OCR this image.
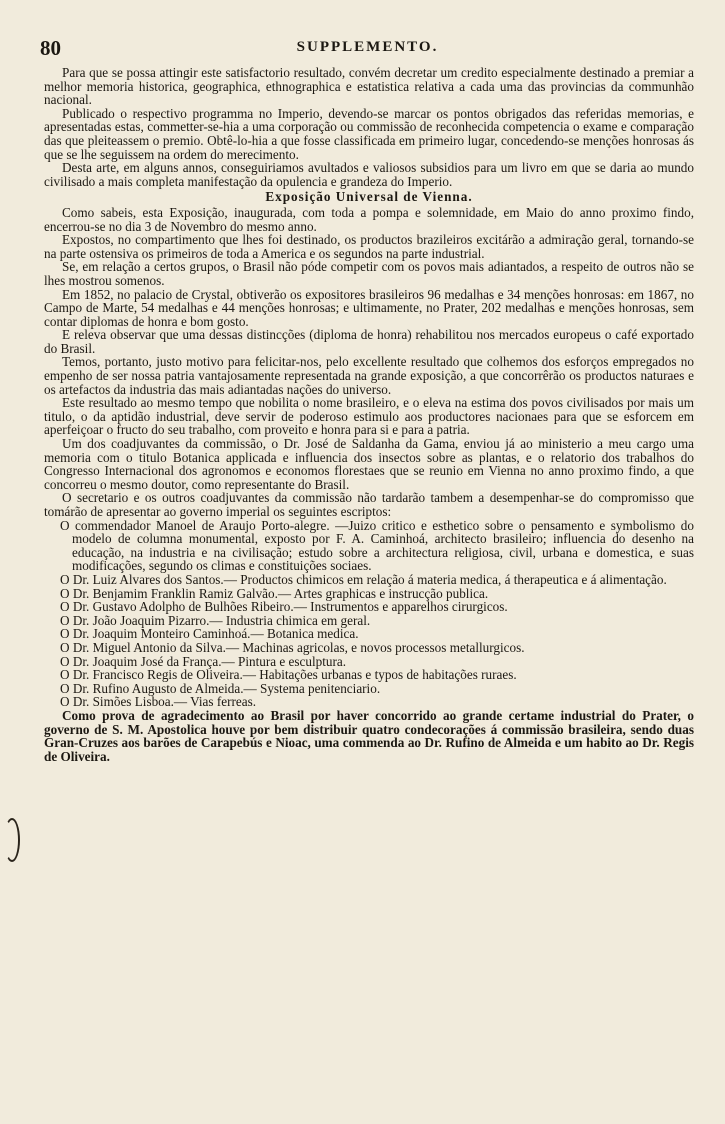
80	SUPPLEMENTO.

Para que se possa attingir este satisfactorio resultado, convém decretar um credito especialmente destinado a premiar a melhor memoria historica, geographica, ethnographica e estatistica relativa a cada uma das provincias da communhão nacional.

Publicado o respectivo programma no Imperio, devendo-se marcar os pontos obrigados das referidas memorias, e apresentadas estas, commetter-se-hia a uma corporação ou commissão de reconhecida competencia o exame e comparação das que pleiteassem o premio. Obtê-lo-hia a que fosse classificada em primeiro lugar, concedendo-se menções honrosas ás que se lhe seguissem na ordem do merecimento.

Desta arte, em alguns annos, conseguiriamos avultados e valiosos subsidios para um livro em que se daria ao mundo civilisado a mais completa manifestação da opulencia e grandeza do Imperio.

Exposição Universal de Vienna.

Como sabeis, esta Exposição, inaugurada, com toda a pompa e solemnidade, em Maio do anno proximo findo, encerrou-se no dia 3 de Novembro do mesmo anno.

Expostos, no compartimento que lhes foi destinado, os productos brazileiros excitárão a admiração geral, tornando-se na parte ostensiva os primeiros de toda a America e os segundos na parte industrial.

Se, em relação a certos grupos, o Brasil não póde competir com os povos mais adiantados, a respeito de outros não se lhes mostrou somenos.

Em 1852, no palacio de Crystal, obtiverão os expositores brasileiros 96 medalhas e 34 menções honrosas: em 1867, no Campo de Marte, 54 medalhas e 44 menções honrosas; e ultimamente, no Prater, 202 medalhas e menções honrosas, sem contar diplomas de honra e bom gosto.

E releva observar que uma dessas distincções (diploma de honra) rehabilitou nos mercados europeus o café exportado do Brasil.

Temos, portanto, justo motivo para felicitar-nos, pelo excellente resultado que colhemos dos esforços empregados no empenho de ser nossa patria vantajosamente representada na grande exposição, a que concorrêrão os productos naturaes e os artefactos da industria das mais adiantadas nações do universo.

Este resultado ao mesmo tempo que nobilita o nome brasileiro, e o eleva na estima dos povos civilisados por mais um titulo, o da aptidão industrial, deve servir de poderoso estimulo aos productores nacionaes para que se esforcem em aperfeiçoar o fructo do seu trabalho, com proveito e honra para si e para a patria.

Um dos coadjuvantes da commissão, o Dr. José de Saldanha da Gama, enviou já ao ministerio a meu cargo uma memoria com o titulo Botanica applicada e influencia dos insectos sobre as plantas, e o relatorio dos trabalhos do Congresso Internacional dos agronomos e economos florestaes que se reunio em Vienna no anno proximo findo, a que concorreu o mesmo doutor, como representante do Brasil.

O secretario e os outros coadjuvantes da commissão não tardarão tambem a desempenhar-se do compromisso que tomárão de apresentar ao governo imperial os seguintes escriptos:

O commendador Manoel de Araujo Porto-alegre. —Juizo critico e esthetico sobre o pensamento e symbolismo do modelo de columna monumental, exposto por F. A. Caminhoá, architecto brasileiro; influencia do desenho na educação, na industria e na civilisação; estudo sobre a architectura religiosa, civil, urbana e domestica, e suas modificações, segundo os climas e constituições sociaes.
O Dr. Luiz Alvares dos Santos.— Productos chimicos em relação á materia medica, á therapeutica e á alimentação.
O Dr. Benjamim Franklin Ramiz Galvão.— Artes graphicas e instrucção publica.
O Dr. Gustavo Adolpho de Bulhões Ribeiro.— Instrumentos e apparelhos cirurgicos.
O Dr. João Joaquim Pizarro.— Industria chimica em geral.
O Dr. Joaquim Monteiro Caminhoá.— Botanica medica.
O Dr. Miguel Antonio da Silva.— Machinas agricolas, e novos processos metallurgicos.
O Dr. Joaquim José da França.— Pintura e esculptura.
O Dr. Francisco Regis de Oliveira.— Habitações urbanas e typos de habitações ruraes.
O Dr. Rufino Augusto de Almeida.— Systema penitenciario.
O Dr. Simões Lisboa.— Vias ferreas.

Como prova de agradecimento ao Brasil por haver concorrido ao grande certame industrial do Prater, o governo de S. M. Apostolica houve por bem distribuir quatro condecorações á commissão brasileira, sendo duas Gran-Cruzes aos barões de Carapebús e Nioac, uma commenda ao Dr. Rufino de Almeida e um habito ao Dr. Regis de Oliveira.
